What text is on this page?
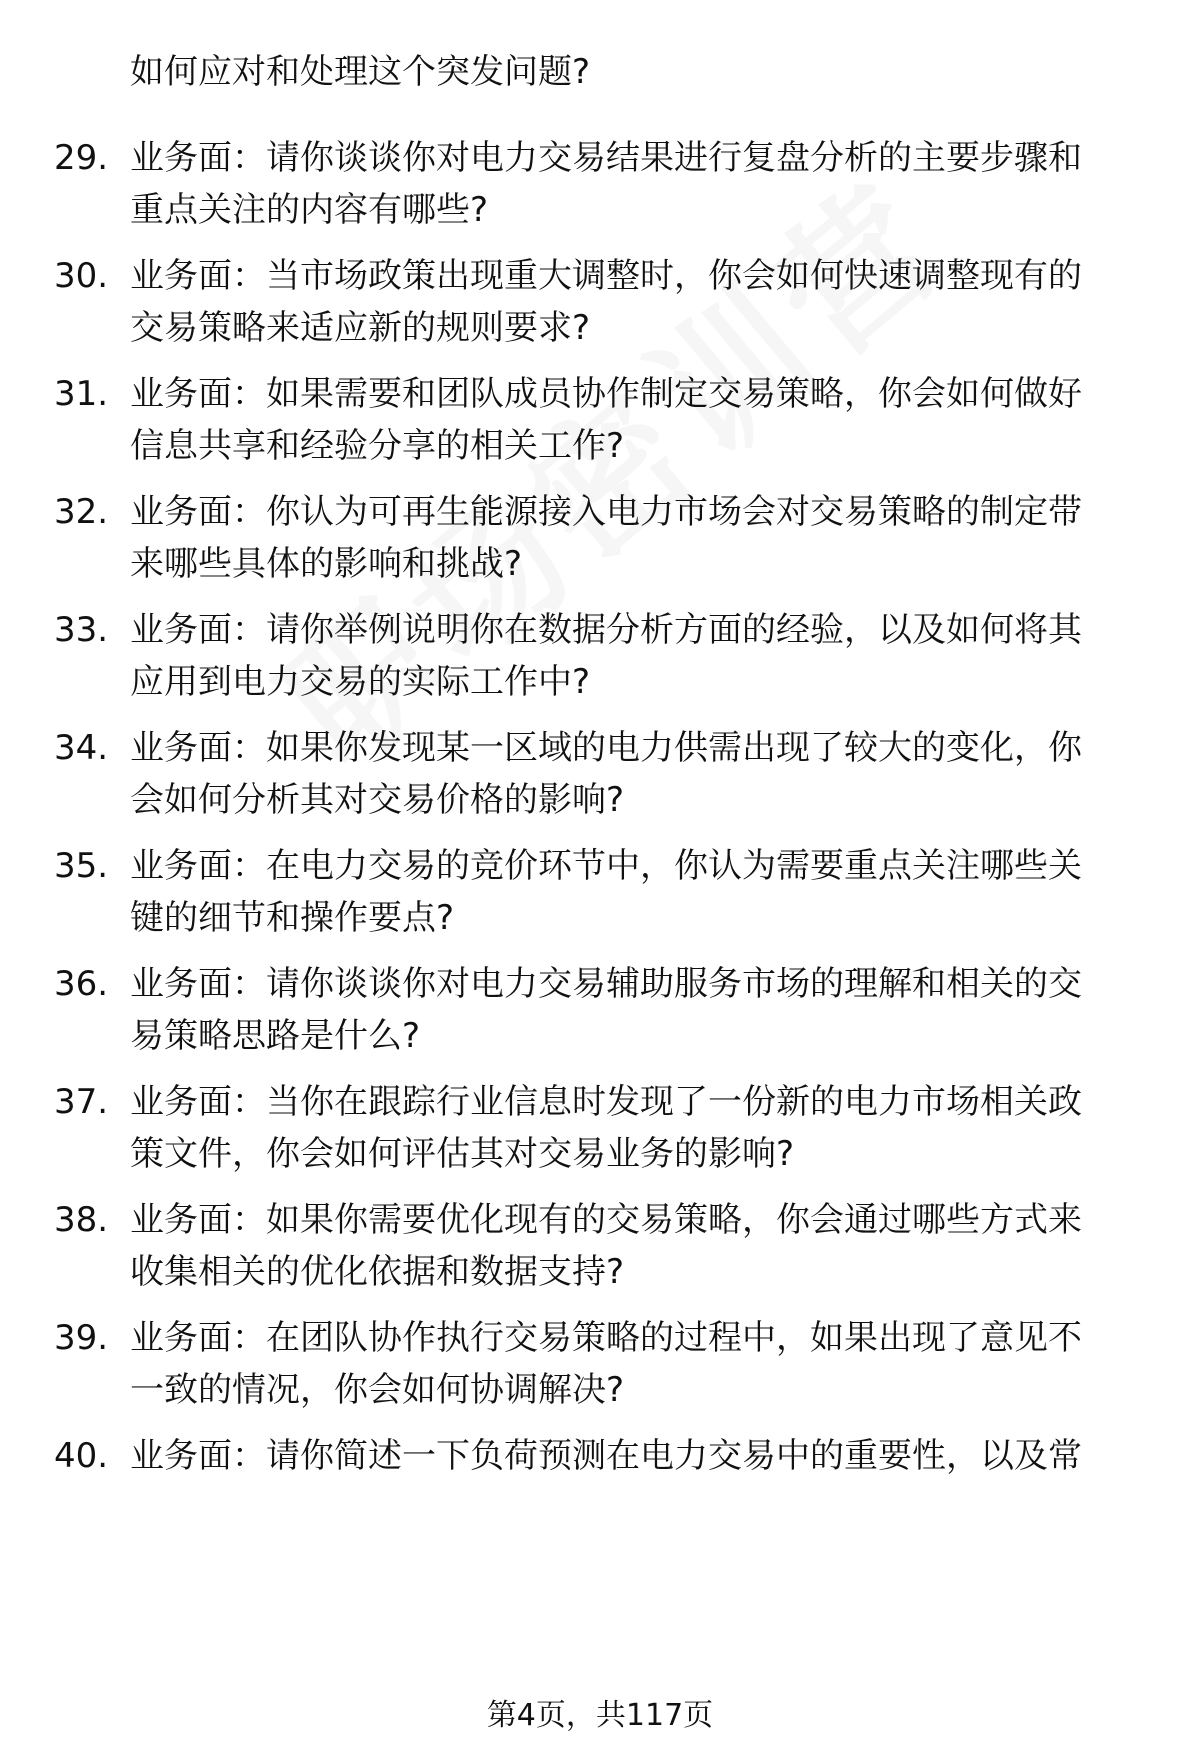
如何应对和处理这个突发问题?
29. 业务面：请你谈谈你对电力交易结果进行复盘分析的主要步骤和
重点关注的内容有哪些?
30. 业务面：当市场政策出现重大调整时，你会如何快速调整现有的
交易策略来适应新的规则要求?
31. 业务面：如果需要和团队成员协作制定交易策略，你会如何做好
信息共享和经验分享的相关工作?
32. 业务面：你认为可再生能源接入电力市场会对交易策略的制定带
来哪些具体的影响和挑战?
33. 业务面：请你举例说明你在数据分析方面的经验，以及如何将其
应用到电力交易的实际工作中?
34. 业务面：如果你发现某一区域的电力供需出现了较大的变化，你
会如何分析其对交易价格的影响?
35. 业务面：在电力交易的竞价环节中，你认为需要重点关注哪些关
键的细节和操作要点?
36. 业务面：请你谈谈你对电力交易辅助服务市场的理解和相关的交
易策略思路是什么?
37. 业务面：当你在跟踪行业信息时发现了一份新的电力市场相关政
策文件，你会如何评估其对交易业务的影响?
38. 业务面：如果你需要优化现有的交易策略，你会通过哪些方式来
收集相关的优化依据和数据支持?
39. 业务面：在团队协作执行交易策略的过程中，如果出现了意见不
一致的情况，你会如何协调解决?
40. 业务面：请你简述一下负荷预测在电力交易中的重要性，以及常
第4页，共117页
